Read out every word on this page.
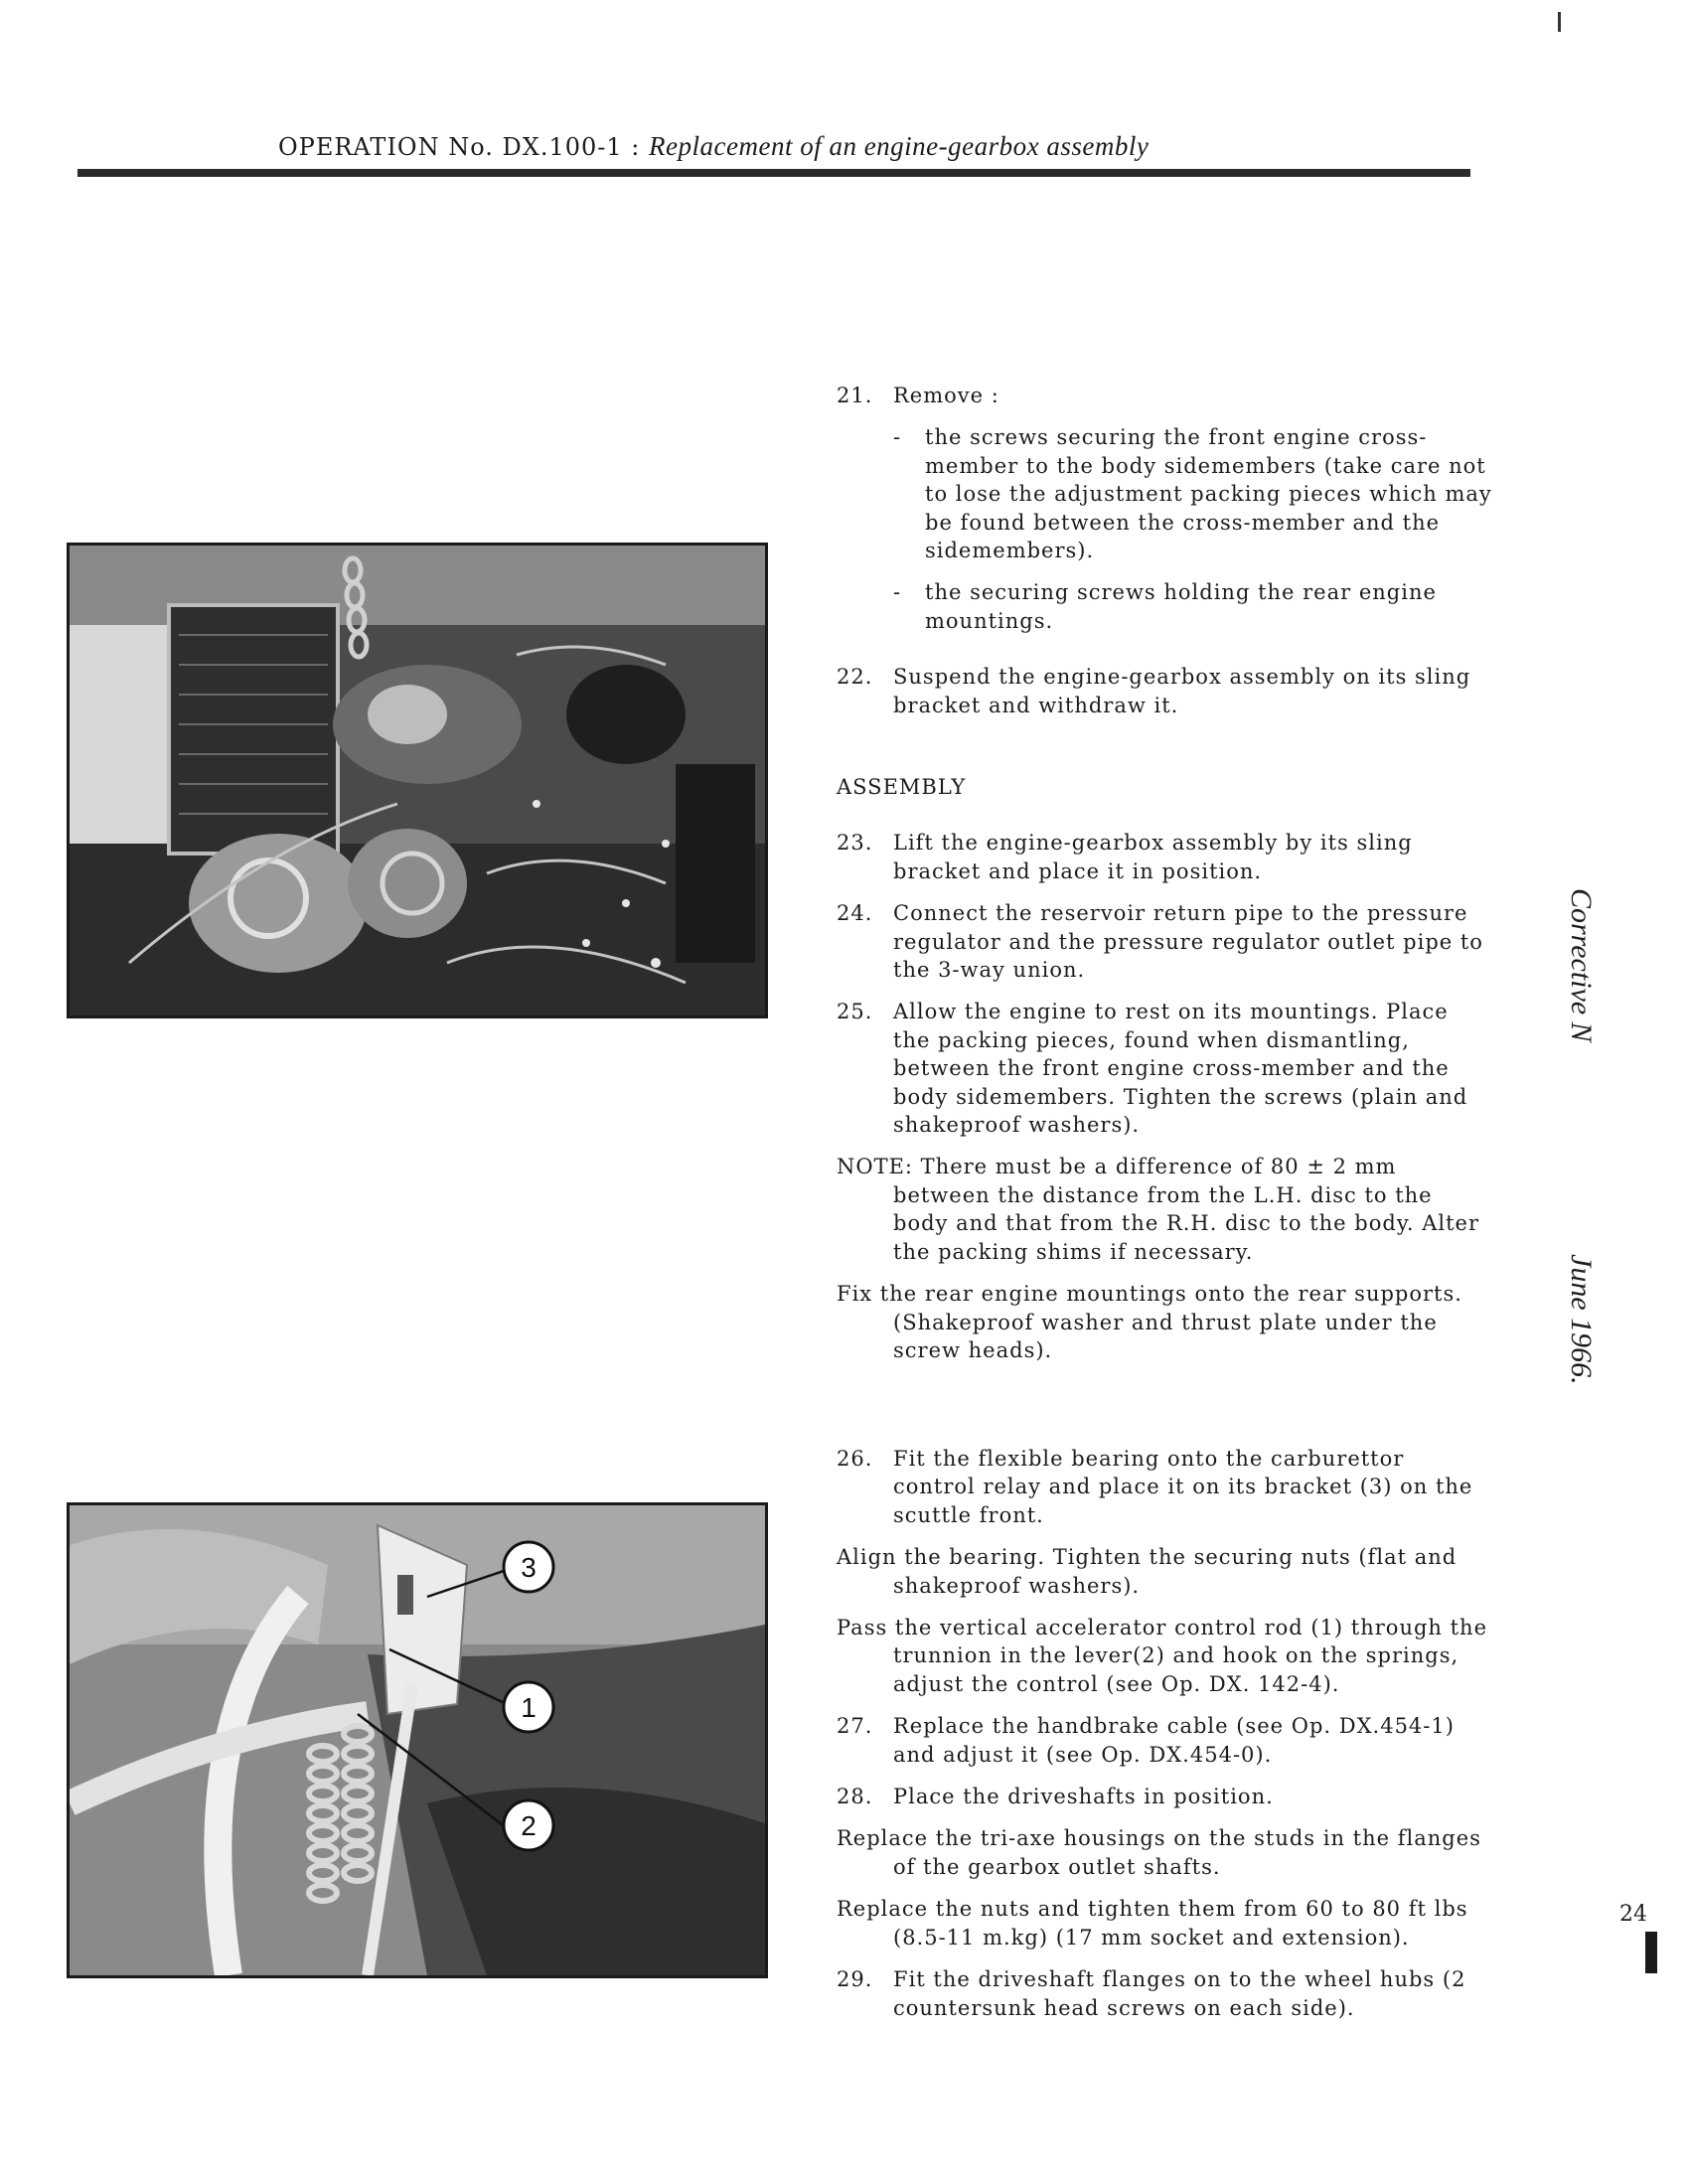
OPERATION No. DX.100-1 : Replacement of an engine-gearbox assembly
3
1
2

21. Remove :

- the screws securing the front engine cross-member to the body sidemembers (take care not to lose the adjustment packing pieces which may be found between the cross-member and the sidemembers).

- the securing screws holding the rear engine mountings.

22. Suspend the engine-gearbox assembly on its sling bracket and withdraw it.

ASSEMBLY

23. Lift the engine-gearbox assembly by its sling bracket and place it in position.

24. Connect the reservoir return pipe to the pressure regulator and the pressure regulator outlet pipe to the 3-way union.

25. Allow the engine to rest on its mountings. Place the packing pieces, found when dismantling, between the front engine cross-member and the body sidemembers. Tighten the screws (plain and shakeproof washers).

NOTE: There must be a difference of 80 ± 2 mm between the distance from the L.H. disc to the body and that from the R.H. disc to the body. Alter the packing shims if necessary.

Fix the rear engine mountings onto the rear supports. (Shakeproof washer and thrust plate under the screw heads).

26. Fit the flexible bearing onto the carburettor control relay and place it on its bracket (3) on the scuttle front.

Align the bearing. Tighten the securing nuts (flat and shakeproof washers).

Pass the vertical accelerator control rod (1) through the trunnion in the lever(2) and hook on the springs, adjust the control (see Op. DX. 142-4).

27. Replace the handbrake cable (see Op. DX.454-1) and adjust it (see Op. DX.454-0).

28. Place the driveshafts in position.

Replace the tri-axe housings on the studs in the flanges of the gearbox outlet shafts.

Replace the nuts and tighten them from 60 to 80 ft lbs (8.5-11 m.kg) (17 mm socket and extension).

29. Fit the driveshaft flanges on to the wheel hubs (2 countersunk head screws on each side).

Corrective N
June 1966.
24
